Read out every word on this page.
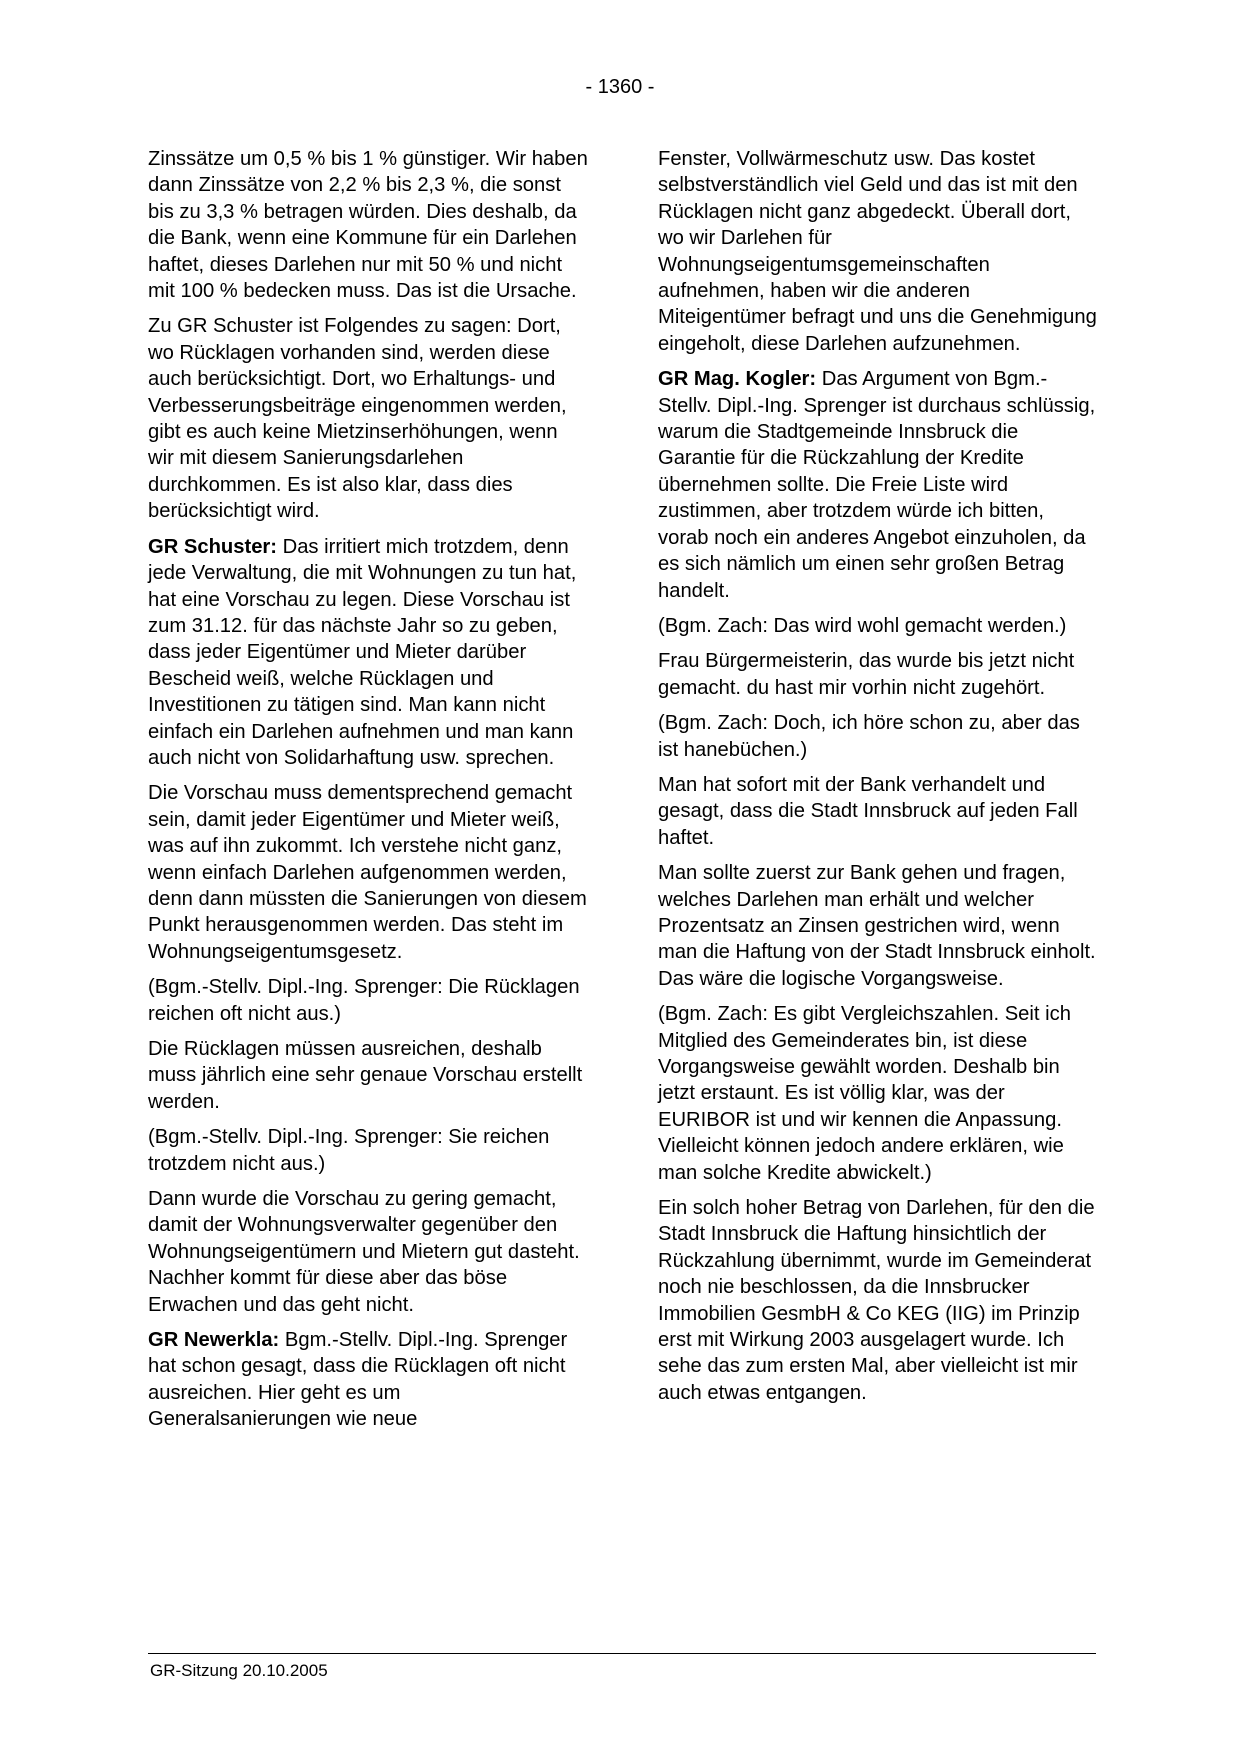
- 1360 -

Zinssätze um 0,5 % bis 1 % günstiger. Wir haben dann Zinssätze von 2,2 % bis 2,3 %, die sonst bis zu 3,3 % betragen würden. Dies deshalb, da die Bank, wenn eine Kommune für ein Darlehen haftet, dieses Darlehen nur mit 50 % und nicht mit 100 % bedecken muss. Das ist die Ursache.

Zu GR Schuster ist Folgendes zu sagen: Dort, wo Rücklagen vorhanden sind, werden diese auch berücksichtigt. Dort, wo Erhaltungs- und Verbesserungsbeiträge eingenommen werden, gibt es auch keine Mietzinserhöhungen, wenn wir mit diesem Sanierungsdarlehen durchkommen. Es ist also klar, dass dies berücksichtigt wird.

GR Schuster: Das irritiert mich trotzdem, denn jede Verwaltung, die mit Wohnungen zu tun hat, hat eine Vorschau zu legen. Diese Vorschau ist zum 31.12. für das nächste Jahr so zu geben, dass jeder Eigentümer und Mieter darüber Bescheid weiß, welche Rücklagen und Investitionen zu tätigen sind. Man kann nicht einfach ein Darlehen aufnehmen und man kann auch nicht von Solidarhaftung usw. sprechen.

Die Vorschau muss dementsprechend gemacht sein, damit jeder Eigentümer und Mieter weiß, was auf ihn zukommt. Ich verstehe nicht ganz, wenn einfach Darlehen aufgenommen werden, denn dann müssten die Sanierungen von diesem Punkt herausgenommen werden. Das steht im Wohnungseigentumsgesetz.

(Bgm.-Stellv. Dipl.-Ing. Sprenger: Die Rücklagen reichen oft nicht aus.)

Die Rücklagen müssen ausreichen, deshalb muss jährlich eine sehr genaue Vorschau erstellt werden.

(Bgm.-Stellv. Dipl.-Ing. Sprenger: Sie reichen trotzdem nicht aus.)

Dann wurde die Vorschau zu gering gemacht, damit der Wohnungsverwalter gegenüber den Wohnungseigentümern und Mietern gut dasteht. Nachher kommt für diese aber das böse Erwachen und das geht nicht.

GR Newerkla: Bgm.-Stellv. Dipl.-Ing. Sprenger hat schon gesagt, dass die Rücklagen oft nicht ausreichen. Hier geht es um Generalsanierungen wie neue

Fenster, Vollwärmeschutz usw. Das kostet selbstverständlich viel Geld und das ist mit den Rücklagen nicht ganz abgedeckt. Überall dort, wo wir Darlehen für Wohnungseigentumsgemeinschaften aufnehmen, haben wir die anderen Miteigentümer befragt und uns die Genehmigung eingeholt, diese Darlehen aufzunehmen.

GR Mag. Kogler: Das Argument von Bgm.-Stellv. Dipl.-Ing. Sprenger ist durchaus schlüssig, warum die Stadtgemeinde Innsbruck die Garantie für die Rückzahlung der Kredite übernehmen sollte. Die Freie Liste wird zustimmen, aber trotzdem würde ich bitten, vorab noch ein anderes Angebot einzuholen, da es sich nämlich um einen sehr großen Betrag handelt.

(Bgm. Zach: Das wird wohl gemacht werden.)

Frau Bürgermeisterin, das wurde bis jetzt nicht gemacht. du hast mir vorhin nicht zugehört.

(Bgm. Zach: Doch, ich höre schon zu, aber das ist hanebüchen.)

Man hat sofort mit der Bank verhandelt und gesagt, dass die Stadt Innsbruck auf jeden Fall haftet.

Man sollte zuerst zur Bank gehen und fragen, welches Darlehen man erhält und welcher Prozentsatz an Zinsen gestrichen wird, wenn man die Haftung von der Stadt Innsbruck einholt. Das wäre die logische Vorgangsweise.

(Bgm. Zach: Es gibt Vergleichszahlen. Seit ich Mitglied des Gemeinderates bin, ist diese Vorgangsweise gewählt worden. Deshalb bin jetzt erstaunt. Es ist völlig klar, was der EURIBOR ist und wir kennen die Anpassung. Vielleicht können jedoch andere erklären, wie man solche Kredite abwickelt.)

Ein solch hoher Betrag von Darlehen, für den die Stadt Innsbruck die Haftung hinsichtlich der Rückzahlung übernimmt, wurde im Gemeinderat noch nie beschlossen, da die Innsbrucker Immobilien GesmbH & Co KEG (IIG) im Prinzip erst mit Wirkung 2003 ausgelagert wurde. Ich sehe das zum ersten Mal, aber vielleicht ist mir auch etwas entgangen.

GR-Sitzung 20.10.2005
